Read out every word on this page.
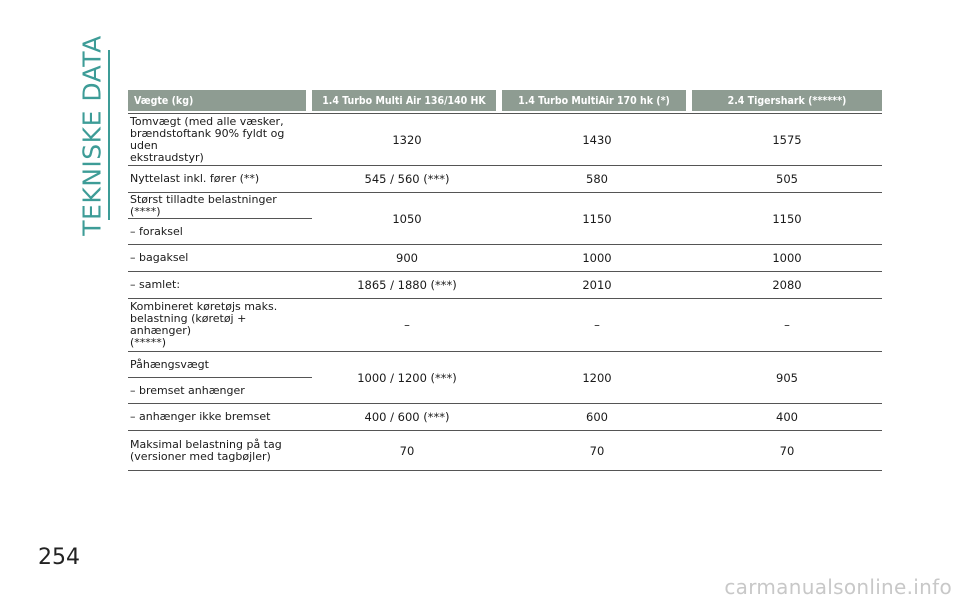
TEKNISKE DATA	Vægte (kg)	1.4 Turbo Multi Air 136/140 HK	1.4 Turbo MultiAir 170 hk (*)	2.4 Tigershark (******)
Tomvægt (med alle væsker,
brændstoftank 90% fyldt og uden
ekstraudstyr)	1320	1430	1575
Nyttelast inkl. fører (**)	545 / 560 (***)	580	505
Størst tilladte belastninger (****)	1050	1150	1150
– foraksel			
– bagaksel	900	1000	1000
– samlet:	1865 / 1880 (***)	2010	2080
Kombineret køretøjs maks.
belastning (køretøj + anhænger)
(*****)	–	–	–
Påhængsvægt	1000 / 1200 (***)	1200	905
– bremset anhænger			
– anhænger ikke bremset	400 / 600 (***)	600	400
Maksimal belastning på tag
(versioner med tagbøjler)	70	70	70
254
carmanualsonline.info
